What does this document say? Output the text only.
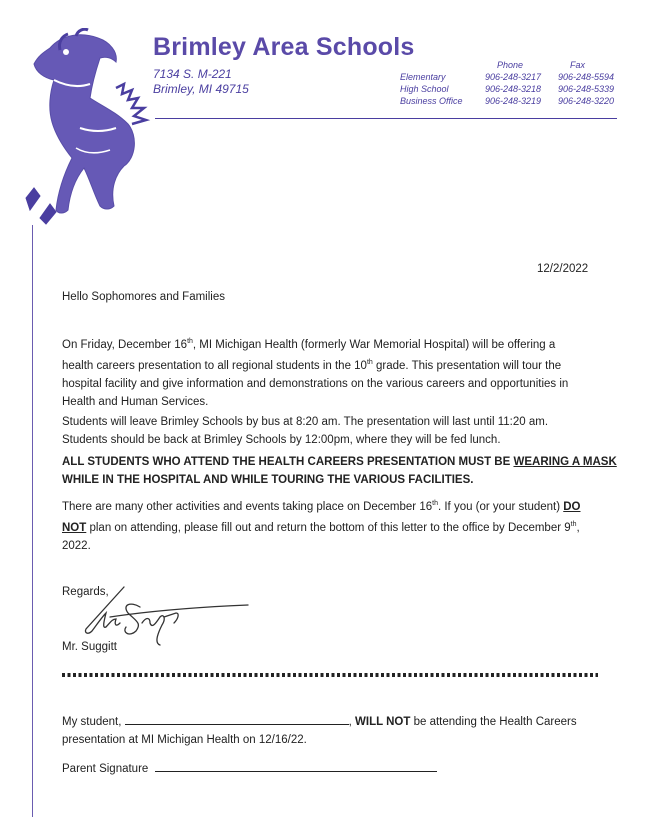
Brimley Area Schools
7134 S. M-221
Brimley, MI 49715
Phone	Fax
Elementary	906-248-3217 906-248-5594
High School	906-248-3218 906-248-5339
Business Office 906-248-3219 906-248-3220
12/2/2022
Hello Sophomores and Families
On Friday, December 16th, MI Michigan Health (formerly War Memorial Hospital) will be offering a
health careers presentation to all regional students in the 10th grade. This presentation will tour the
hospital facility and give information and demonstrations on the various careers and opportunities in
Health and Human Services.
Students will leave Brimley Schools by bus at 8:20 am. The presentation will last until 11:20 am.
Students should be back at Brimley Schools by 12:00pm, where they will be fed lunch.
ALL STUDENTS WHO ATTEND THE HEALTH CAREERS PRESENTATION MUST BE WEARING A MASK
WHILE IN THE HOSPITAL AND WHILE TOURING THE VARIOUS FACILITIES.
There are many other activities and events taking place on December 16th. If you (or your student) DO
NOT plan on attending, please fill out and return the bottom of this letter to the office by December 9th,
2022.
Regards,
Mr. Suggitt
My student,	, WILL NOT be attending the Health Careers
presentation at MI Michigan Health on 12/16/22.
Parent Signature
